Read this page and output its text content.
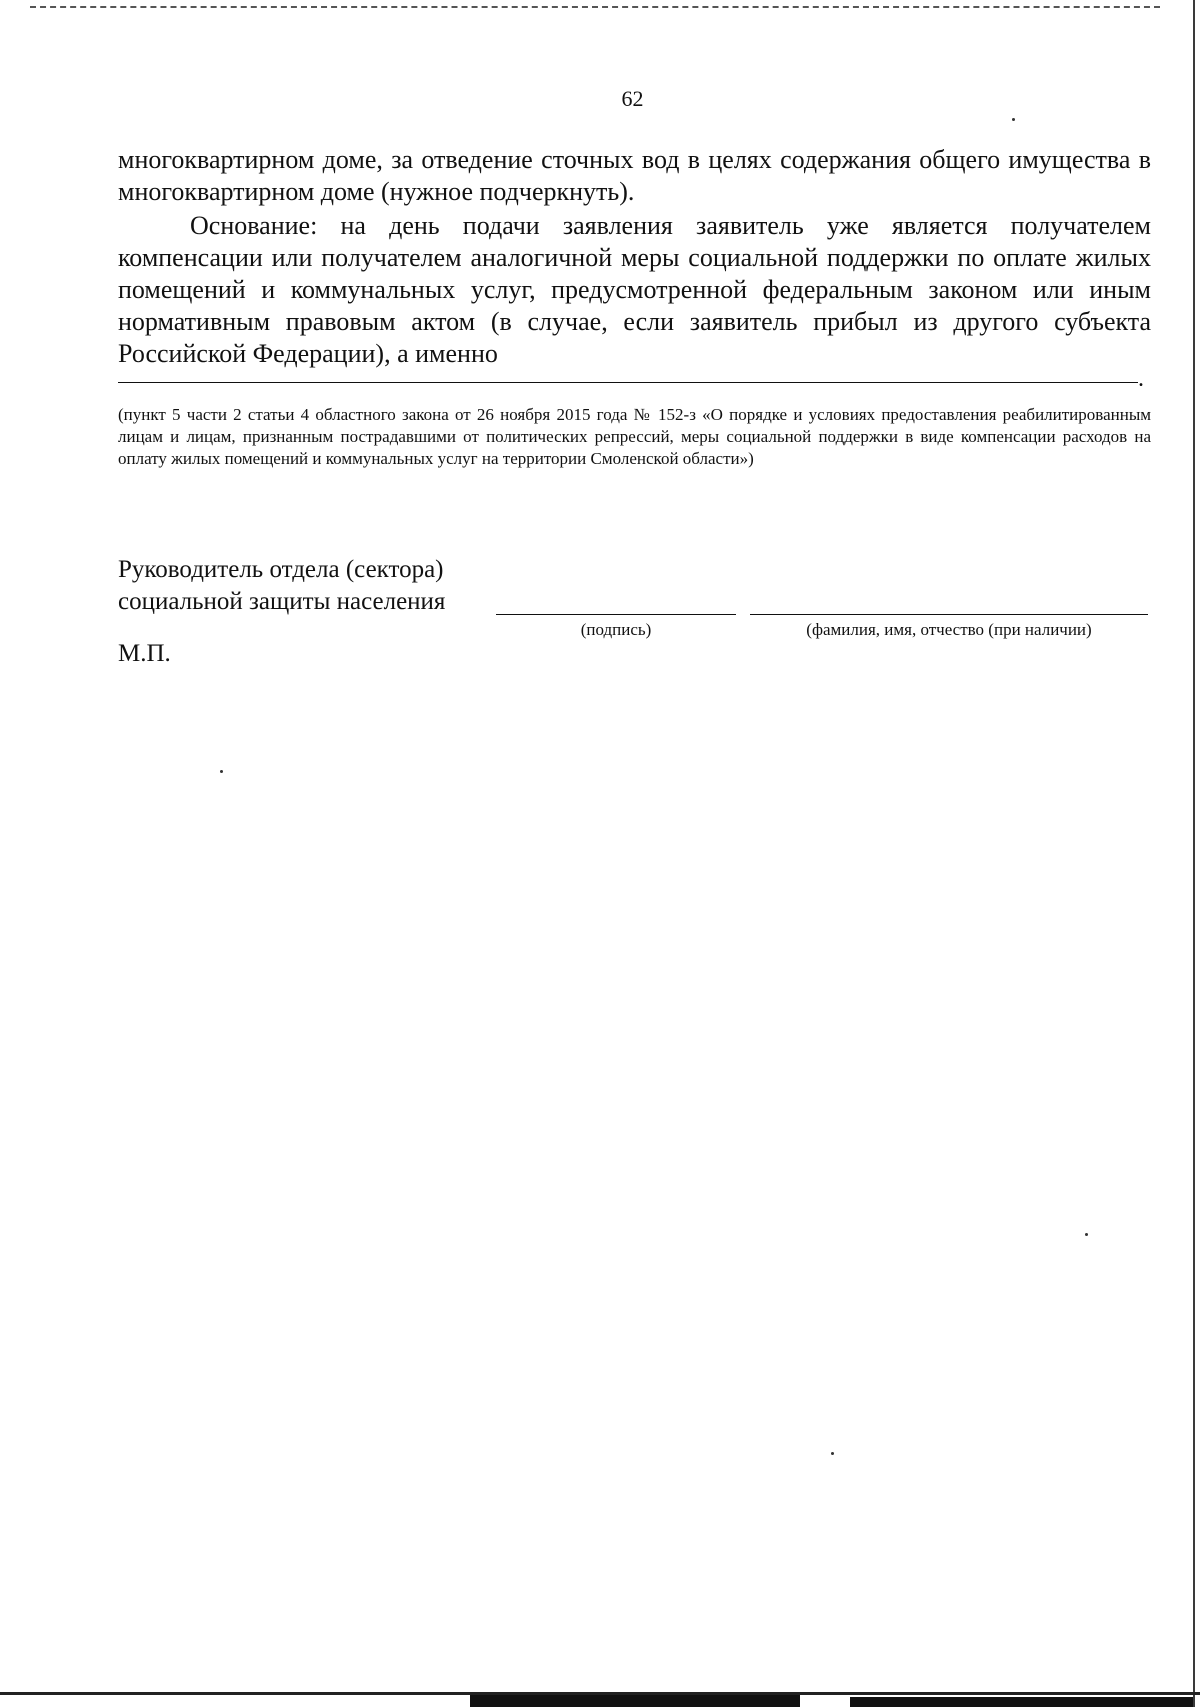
62
многоквартирном доме, за отведение сточных вод в целях содержания общего имущества в многоквартирном доме (нужное подчеркнуть).
Основание: на день подачи заявления заявитель уже является получателем компенсации или получателем аналогичной меры социальной поддержки по оплате жилых помещений и коммунальных услуг, предусмотренной федеральным законом или иным нормативным правовым актом (в случае, если заявитель прибыл из другого субъекта Российской Федерации), а именно
.
(пункт 5 части 2 статьи 4 областного закона от 26 ноября 2015 года № 152-з «О порядке и условиях предоставления реабилитированным лицам и лицам, признанным пострадавшими от политических репрессий, меры социальной поддержки в виде компенсации расходов на оплату жилых помещений и коммунальных услуг на территории Смоленской области»)
Руководитель отдела (сектора)
социальной защиты населения
(подпись)	(фамилия, имя, отчество (при наличии)
М.П.
